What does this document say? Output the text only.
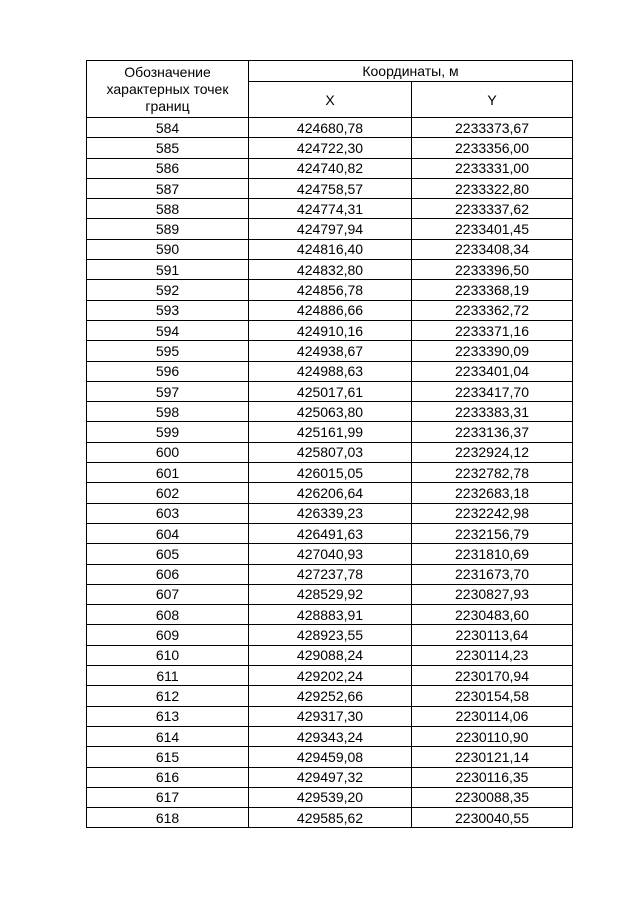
Обозначение характерных точек границ	Координаты, м	
	X	Y
584	424680,78	2233373,67
585	424722,30	2233356,00
586	424740,82	2233331,00
587	424758,57	2233322,80
588	424774,31	2233337,62
589	424797,94	2233401,45
590	424816,40	2233408,34
591	424832,80	2233396,50
592	424856,78	2233368,19
593	424886,66	2233362,72
594	424910,16	2233371,16
595	424938,67	2233390,09
596	424988,63	2233401,04
597	425017,61	2233417,70
598	425063,80	2233383,31
599	425161,99	2233136,37
600	425807,03	2232924,12
601	426015,05	2232782,78
602	426206,64	2232683,18
603	426339,23	2232242,98
604	426491,63	2232156,79
605	427040,93	2231810,69
606	427237,78	2231673,70
607	428529,92	2230827,93
608	428883,91	2230483,60
609	428923,55	2230113,64
610	429088,24	2230114,23
611	429202,24	2230170,94
612	429252,66	2230154,58
613	429317,30	2230114,06
614	429343,24	2230110,90
615	429459,08	2230121,14
616	429497,32	2230116,35
617	429539,20	2230088,35
618	429585,62	2230040,55
